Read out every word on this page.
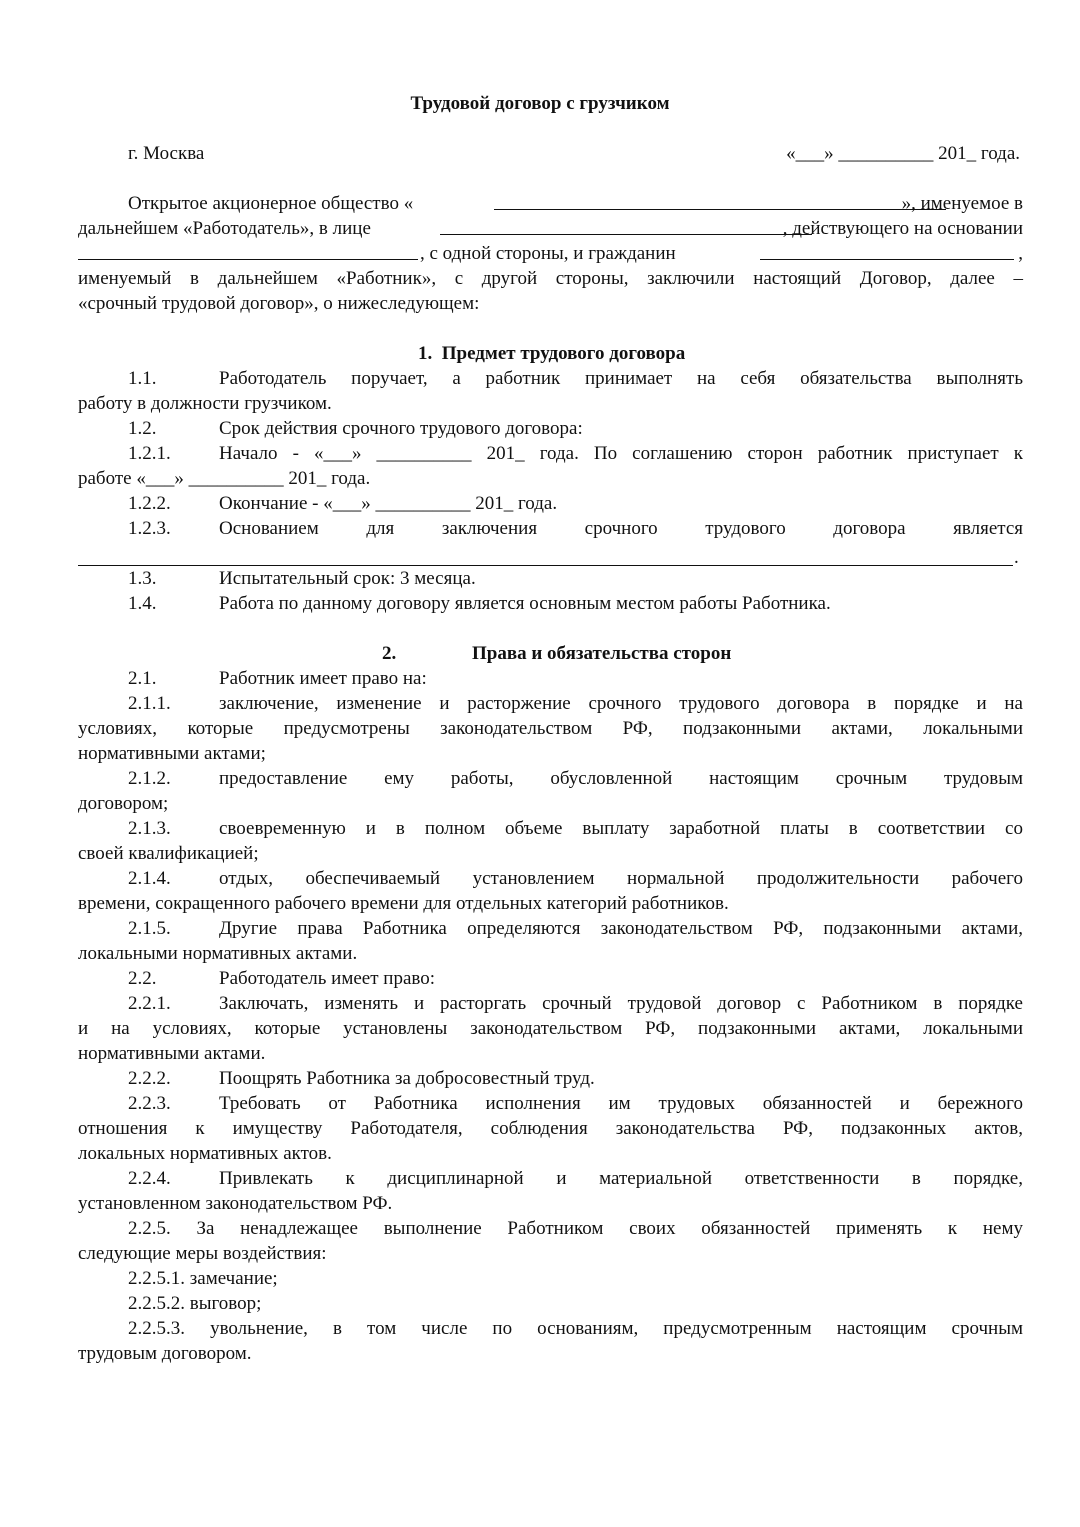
Трудовой договор с грузчиком
г. Москва	«___» __________ 201_ года.
Открытое акционерное общество «	», именуемое в
дальнейшем «Работодатель», в лице	, действующего на основании
, с одной стороны, и гражданин	,
именуемый в дальнейшем «Работник», с другой стороны, заключили настоящий Договор, далее –
«срочный трудовой договор», о нижеследующем:
1. Предмет трудового договора
1.1.	Работодатель поручает, а работник принимает на себя обязательства выполнять
работу в должности грузчиком.
1.2.	Срок действия срочного трудового договора:
1.2.1.	Начало - «___» __________ 201_ года. По соглашению сторон работник приступает к
работе «___» __________ 201_ года.
1.2.2.	Окончание - «___» __________ 201_ года.
1.2.3.	Основанием для заключения срочного трудового договора является
.
1.3.	Испытательный срок: 3 месяца.
1.4.	Работа по данному договору является основным местом работы Работника.
2.	Права и обязательства сторон
2.1.	Работник имеет право на:
2.1.1.	заключение, изменение и расторжение срочного трудового договора в порядке и на
условиях, которые предусмотрены законодательством РФ, подзаконными актами, локальными
нормативными актами;
2.1.2.	предоставление ему работы, обусловленной настоящим срочным трудовым
договором;
2.1.3.	своевременную и в полном объеме выплату заработной платы в соответствии со
своей квалификацией;
2.1.4.	отдых, обеспечиваемый установлением нормальной продолжительности рабочего
времени, сокращенного рабочего времени для отдельных категорий работников.
2.1.5.	Другие права Работника определяются законодательством РФ, подзаконными актами,
локальными нормативных актами.
2.2.	Работодатель имеет право:
2.2.1.	Заключать, изменять и расторгать срочный трудовой договор с Работником в порядке
и на условиях, которые установлены законодательством РФ, подзаконными актами, локальными
нормативными актами.
2.2.2.	Поощрять Работника за добросовестный труд.
2.2.3.	Требовать от Работника исполнения им трудовых обязанностей и бережного
отношения к имуществу Работодателя, соблюдения законодательства РФ, подзаконных актов,
локальных нормативных актов.
2.2.4.	Привлекать к дисциплинарной и материальной ответственности в порядке,
установленном законодательством РФ.
2.2.5. За ненадлежащее выполнение Работником своих обязанностей применять к нему
следующие меры воздействия:
2.2.5.1. замечание;
2.2.5.2. выговор;
2.2.5.3. увольнение, в том числе по основаниям, предусмотренным настоящим срочным
трудовым договором.
